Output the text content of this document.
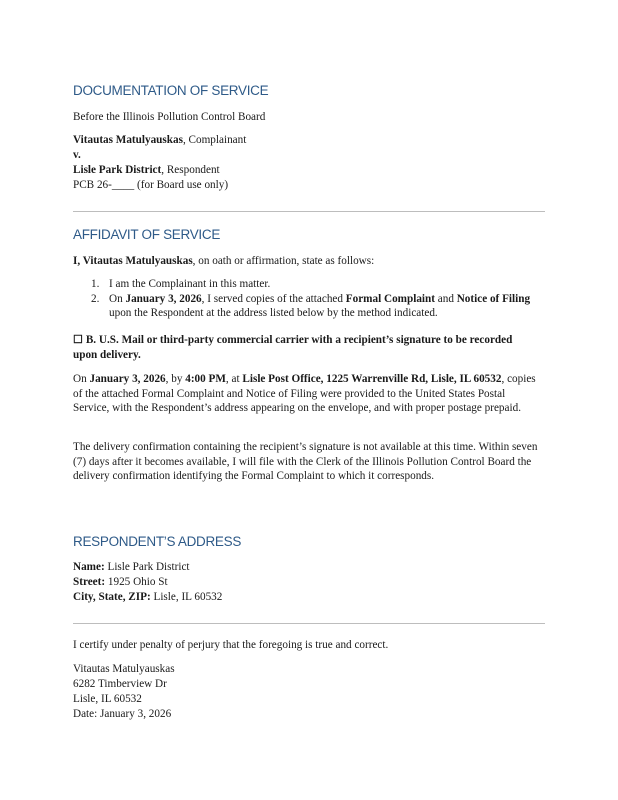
DOCUMENTATION OF SERVICE
Before the Illinois Pollution Control Board
Vitautas Matulyauskas, Complainant
v.
Lisle Park District, Respondent
PCB 26-____ (for Board use only)
AFFIDAVIT OF SERVICE
I, Vitautas Matulyauskas, on oath or affirmation, state as follows:
1. I am the Complainant in this matter.
2. On January 3, 2026, I served copies of the attached Formal Complaint and Notice of Filing upon the Respondent at the address listed below by the method indicated.
☐ B. U.S. Mail or third-party commercial carrier with a recipient’s signature to be recorded upon delivery.
On January 3, 2026, by 4:00 PM, at Lisle Post Office, 1225 Warrenville Rd, Lisle, IL 60532, copies of the attached Formal Complaint and Notice of Filing were provided to the United States Postal Service, with the Respondent’s address appearing on the envelope, and with proper postage prepaid.
The delivery confirmation containing the recipient’s signature is not available at this time. Within seven (7) days after it becomes available, I will file with the Clerk of the Illinois Pollution Control Board the delivery confirmation identifying the Formal Complaint to which it corresponds.
RESPONDENT’S ADDRESS
Name: Lisle Park District
Street: 1925 Ohio St
City, State, ZIP: Lisle, IL 60532
I certify under penalty of perjury that the foregoing is true and correct.
Vitautas Matulyauskas
6282 Timberview Dr
Lisle, IL 60532
Date: January 3, 2026
